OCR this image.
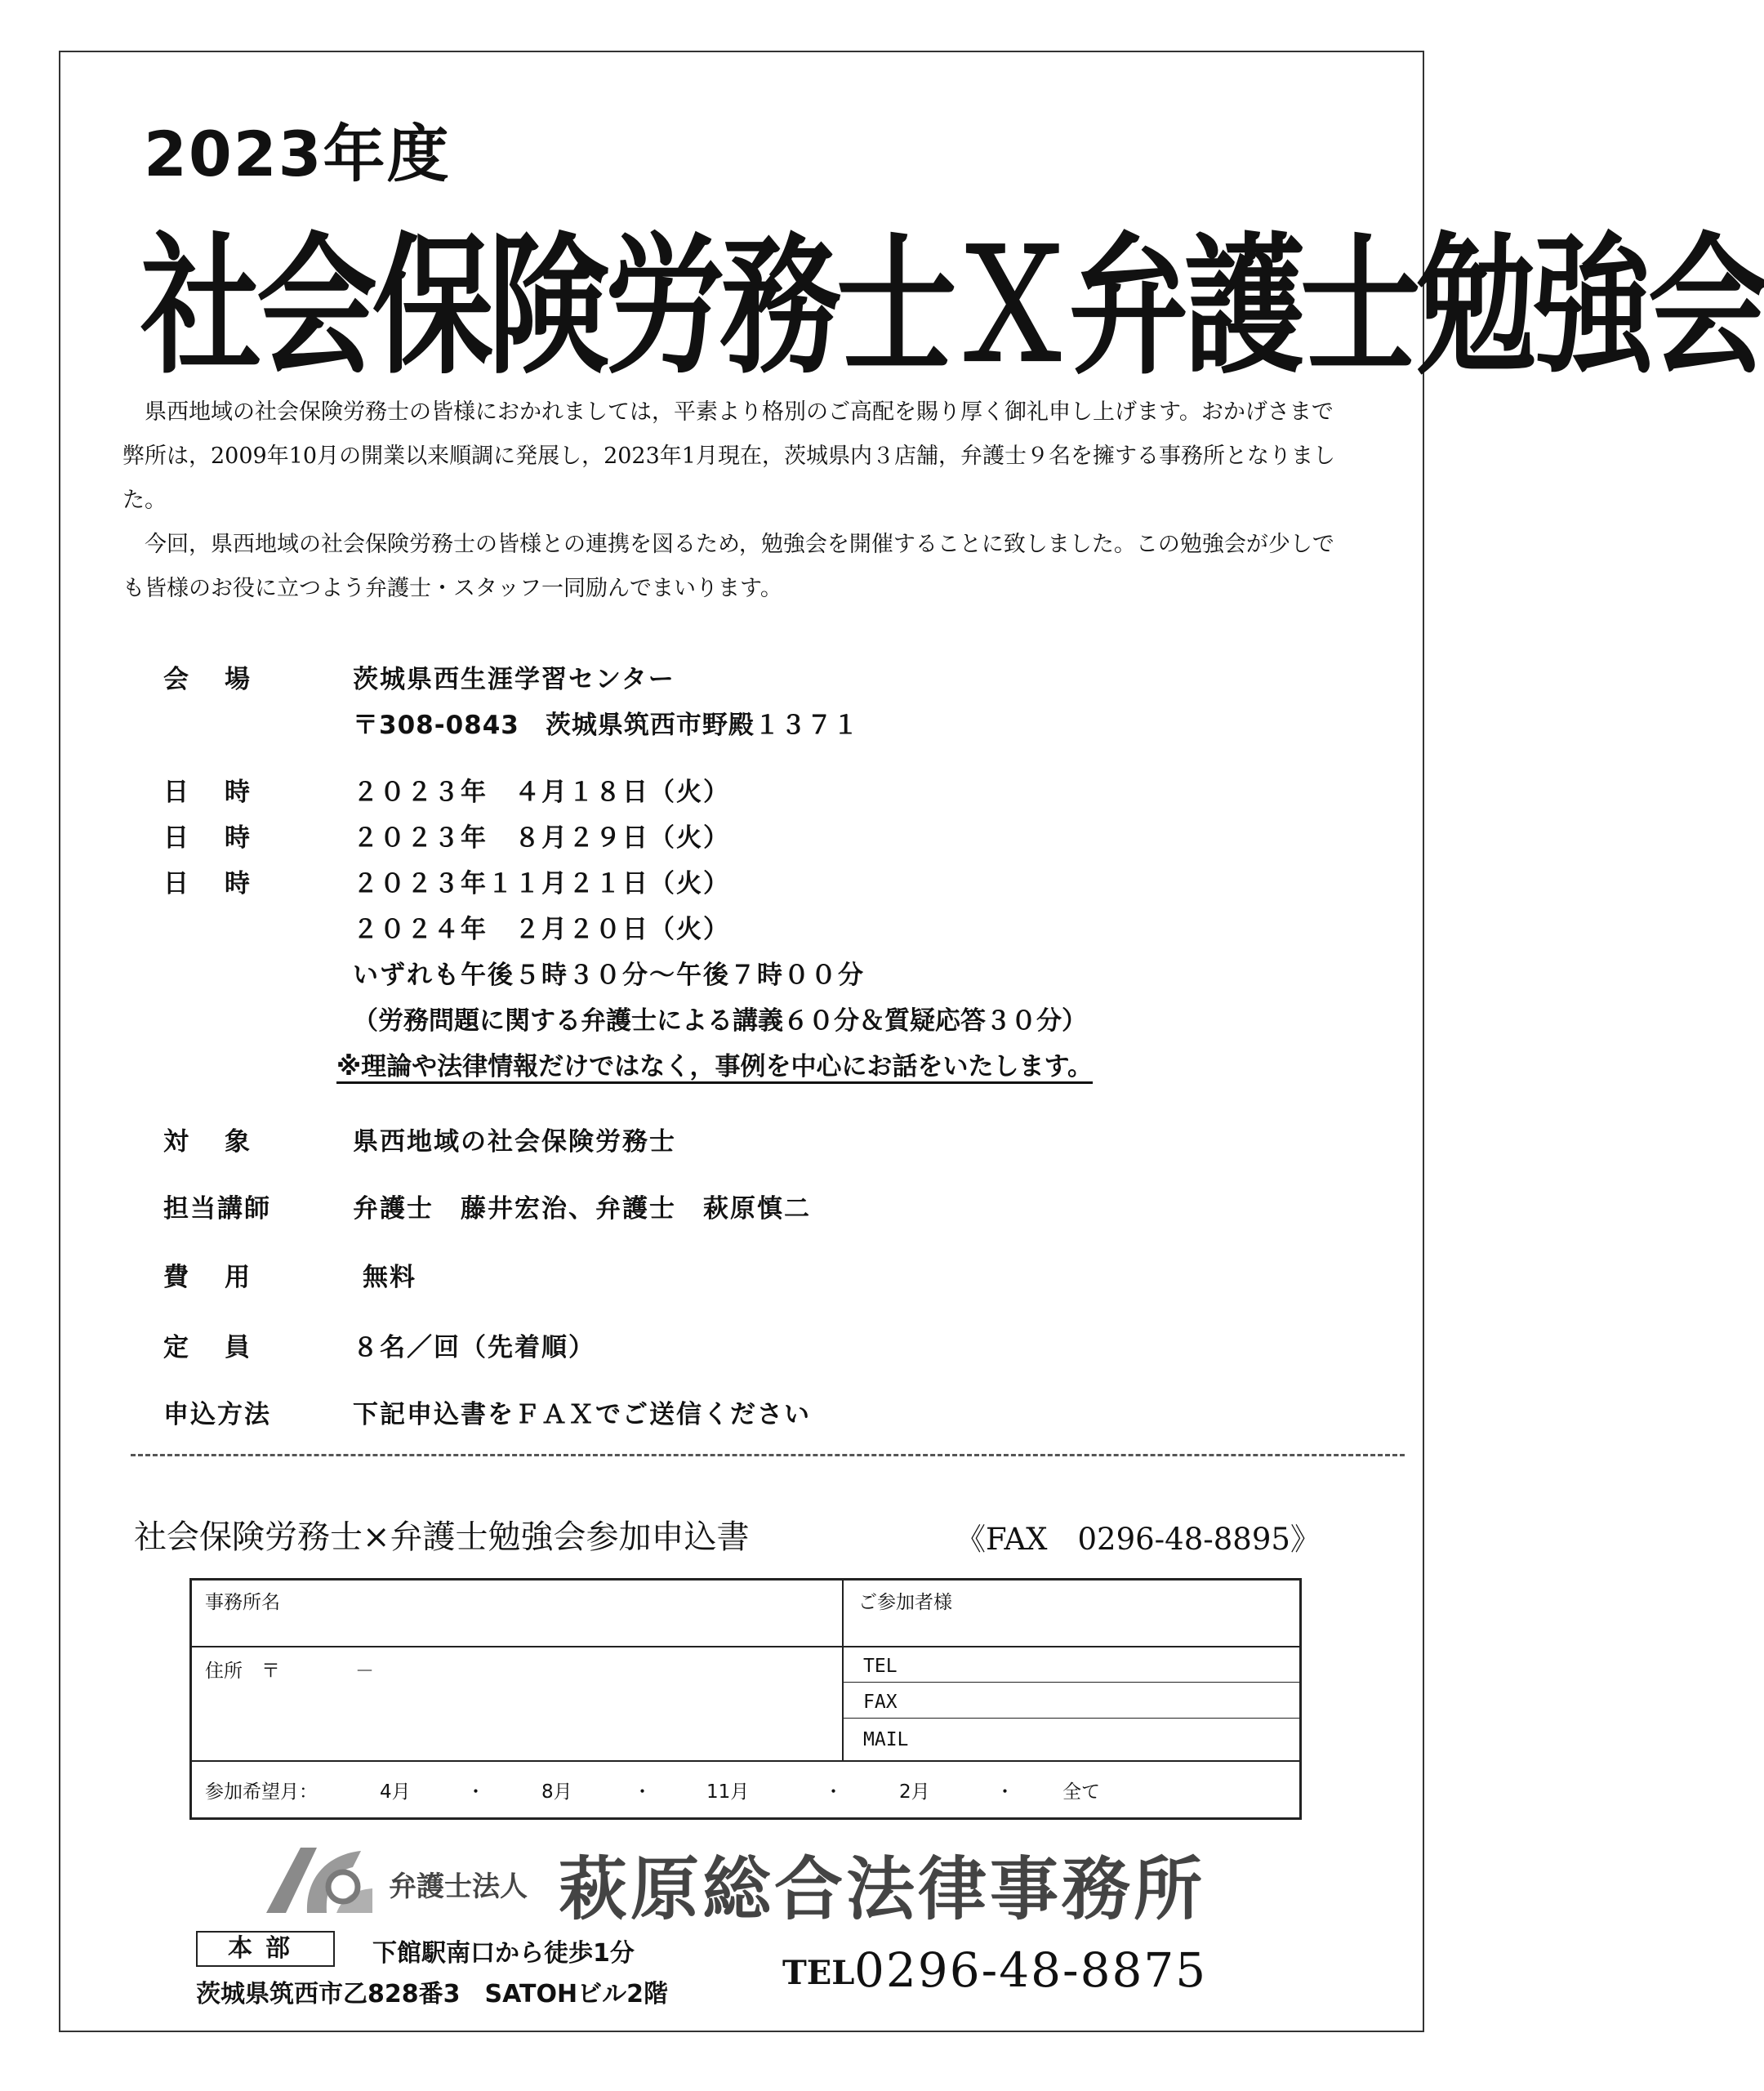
2023年度
社会保険労務士Ｘ弁護士勉強会

県西地域の社会保険労務士の皆様におかれましては，平素より格別のご高配を賜り厚く御礼申し上げます。おかげさまで弊所は，2009年10月の開業以来順調に発展し，2023年1月現在，茨城県内３店舗，弁護士９名を擁する事務所となりました。

今回，県西地域の社会保険労務士の皆様との連携を図るため，勉強会を開催することに致しました。この勉強会が少しでも皆様のお役に立つよう弁護士・スタッフ一同励んでまいります。

会場	茨城県西生涯学習センター
〒308-0843　茨城県筑西市野殿１３７１
日時	２０２３年　４月１８日（火）
日時	２０２３年　８月２９日（火）
日時	２０２３年１１月２１日（火）
２０２４年　２月２０日（火）
いずれも午後５時３０分～午後７時００分
（労務問題に関する弁護士による講義６０分＆質疑応答３０分）
※理論や法律情報だけではなく，事例を中心にお話をいたします。
対象	県西地域の社会保険労務士
担当講師	弁護士　藤井宏治、弁護士　萩原慎二
費用	無料
定員	８名／回（先着順）
申込方法	下記申込書をＦＡＸでご送信ください
社会保険労務士×弁護士勉強会参加申込書	《FAX　0296-48-8895》
事務所名	ご参加者様
住所　〒　　　　－	TEL
FAX
MAIL
参加希望月：	4月	・	8月	・	11月	・	2月	・	全て
弁護士法人 萩原総合法律事務所
本部	下館駅南口から徒歩1分
茨城県筑西市乙828番3　SATOHビル2階
TEL 0296-48-8875
